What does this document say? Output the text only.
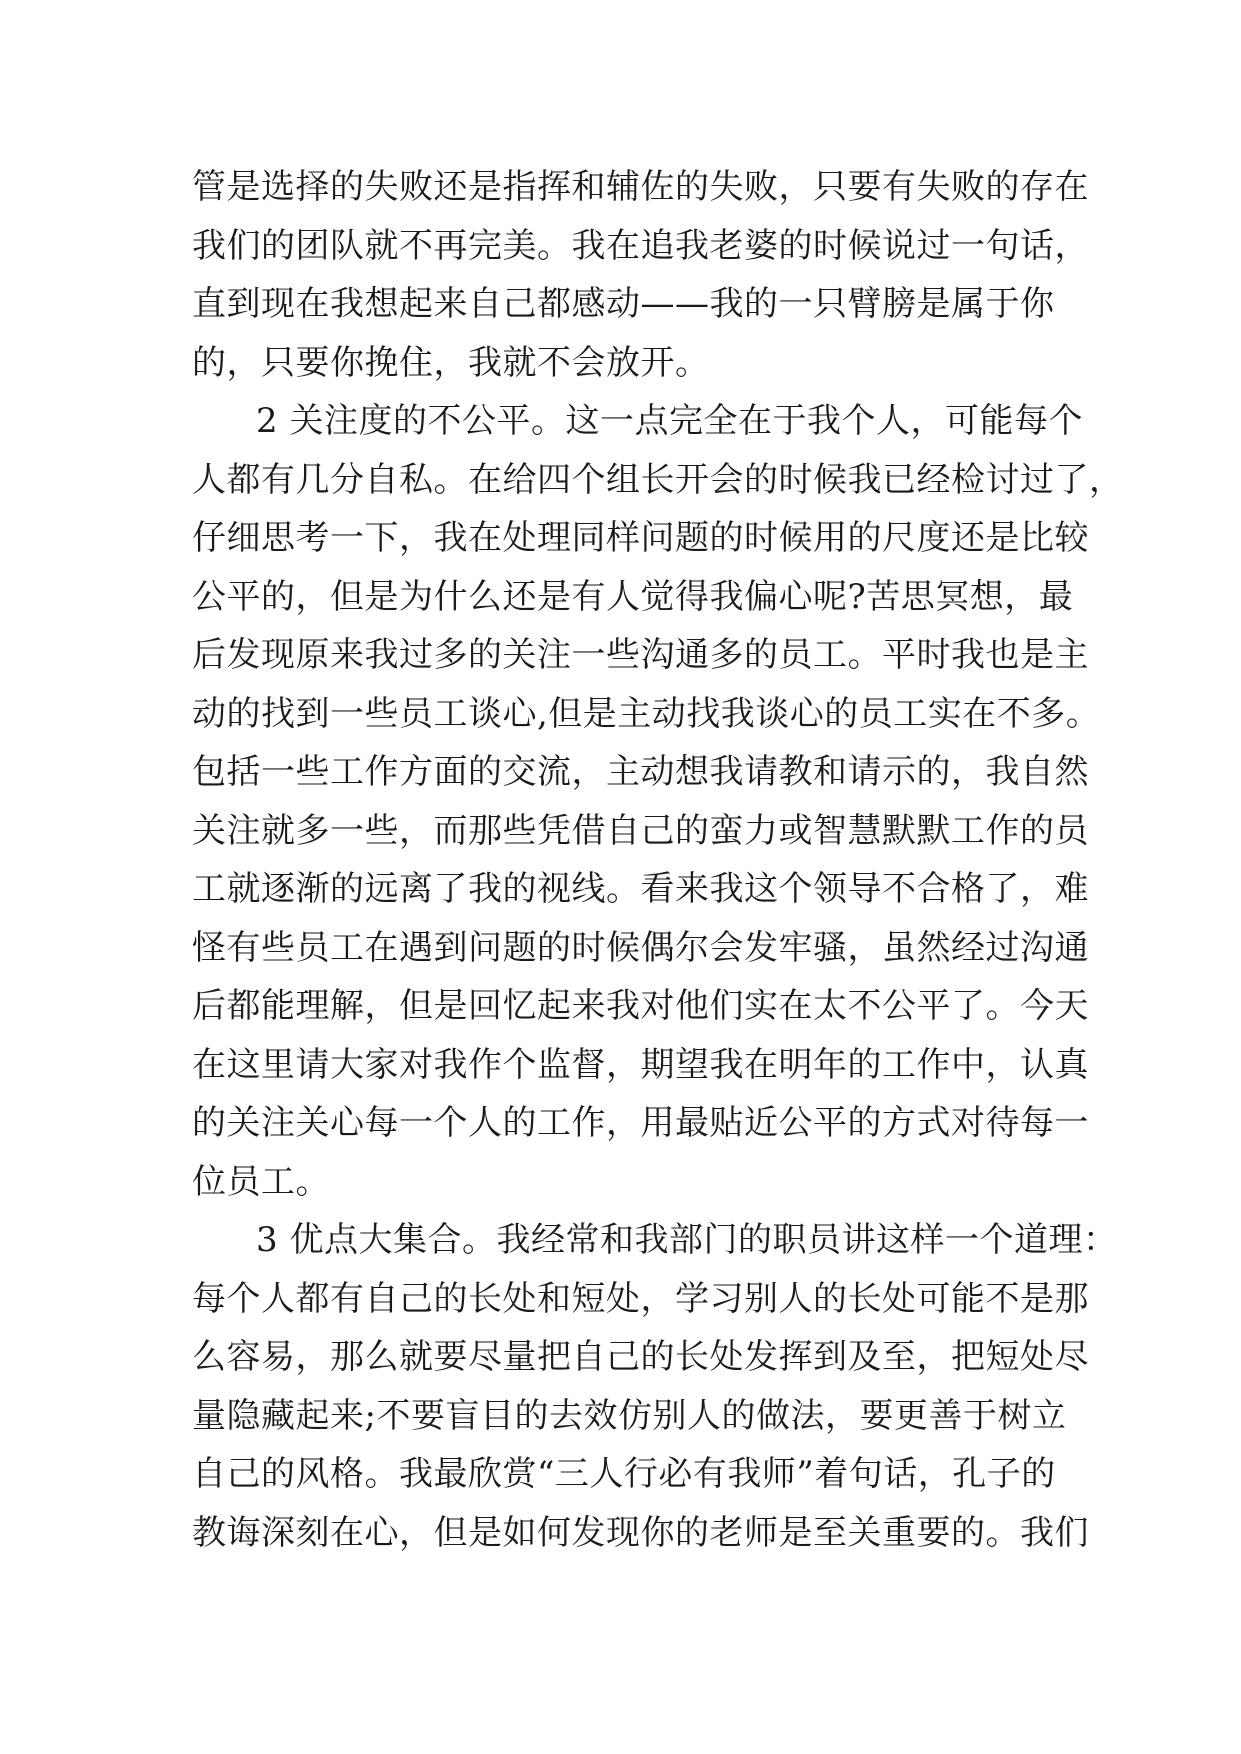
管是选择的失败还是指挥和辅佐的失败，只要有失败的存在
我们的团队就不再完美。我在追我老婆的时候说过一句话，
直到现在我想起来自己都感动——我的一只臂膀是属于你
的，只要你挽住，我就不会放开。
2 关注度的不公平。这一点完全在于我个人，可能每个
人都有几分自私。在给四个组长开会的时候我已经检讨过了，
仔细思考一下，我在处理同样问题的时候用的尺度还是比较
公平的，但是为什么还是有人觉得我偏心呢?苦思冥想，最
后发现原来我过多的关注一些沟通多的员工。平时我也是主
动的找到一些员工谈心,但是主动找我谈心的员工实在不多。
包括一些工作方面的交流，主动想我请教和请示的，我自然
关注就多一些，而那些凭借自己的蛮力或智慧默默工作的员
工就逐渐的远离了我的视线。看来我这个领导不合格了，难
怪有些员工在遇到问题的时候偶尔会发牢骚，虽然经过沟通
后都能理解，但是回忆起来我对他们实在太不公平了。今天
在这里请大家对我作个监督，期望我在明年的工作中，认真
的关注关心每一个人的工作，用最贴近公平的方式对待每一
位员工。
3 优点大集合。我经常和我部门的职员讲这样一个道理：
每个人都有自己的长处和短处，学习别人的长处可能不是那
么容易，那么就要尽量把自己的长处发挥到及至，把短处尽
量隐藏起来;不要盲目的去效仿别人的做法，要更善于树立
自己的风格。我最欣赏“三人行必有我师”着句话，孔子的
教诲深刻在心，但是如何发现你的老师是至关重要的。我们
